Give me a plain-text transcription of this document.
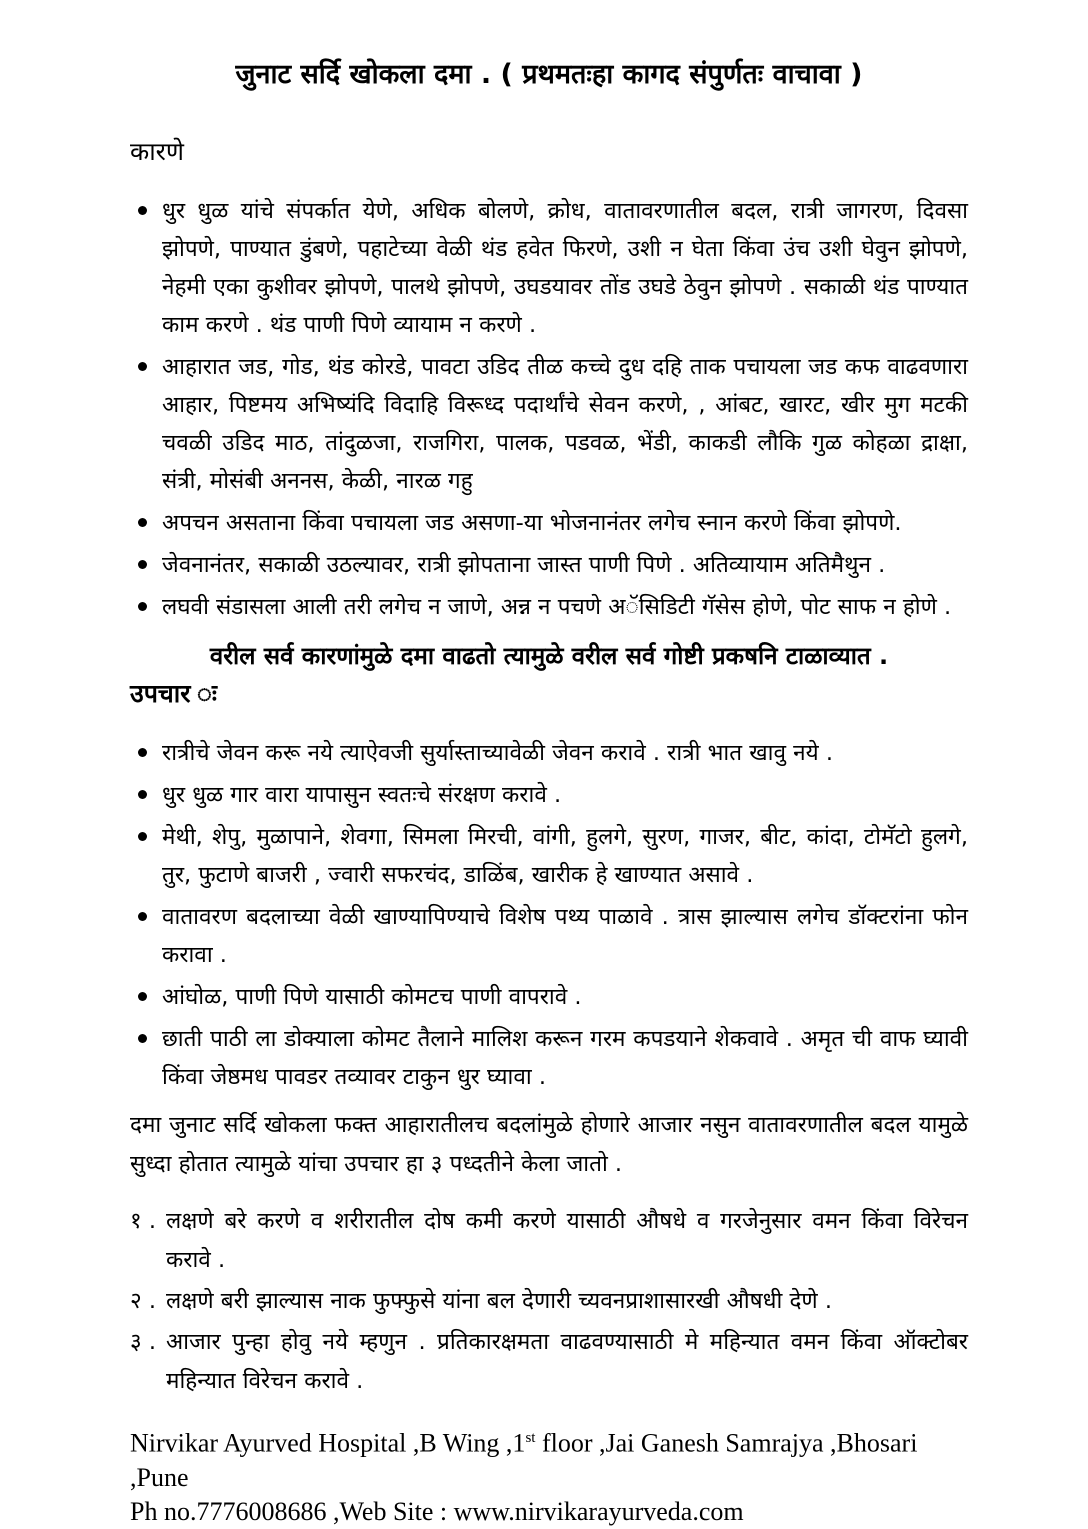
जुनाट सर्दि खोकला दमा . ( प्रथमतःहा कागद संपुर्णतः वाचावा )
कारणे
धुर धुळ यांचे संपर्कात येणे, अधिक बोलणे, क्रोध, वातावरणातील बदल, रात्री जागरण, दिवसा झोपणे, पाण्यात डुंबणे, पहाटेच्या वेळी थंड हवेत फिरणे, उशी न घेता किंवा उंच उशी घेवुन झोपणे, नेहमी एका कुशीवर झोपणे, पालथे झोपणे, उघडयावर तोंड उघडे ठेवुन झोपणे . सकाळी थंड पाण्यात काम करणे . थंड पाणी पिणे व्यायाम न करणे .
आहारात जड, गोड, थंड कोरडे, पावटा उडिद तीळ कच्चे दुध दहि ताक पचायला जड कफ वाढवणारा आहार, पिष्टमय अभिष्यंदि विदाहि विरूध्द पदार्थांचे सेवन करणे, , आंबट, खारट, खीर मुग मटकी चवळी उडिद माठ, तांदुळजा, राजगिरा, पालक, पडवळ, भेंडी, काकडी लौकि गुळ कोहळा द्राक्षा, संत्री, मोसंबी अननस, केळी, नारळ गहु
अपचन असताना किंवा पचायला जड असणा-या भोजनानंतर लगेच स्नान करणे किंवा झोपणे.
जेवनानंतर, सकाळी उठल्यावर, रात्री झोपताना जास्त पाणी पिणे . अतिव्यायाम अतिमैथुन .
लघवी संडासला आली तरी लगेच न जाणे, अन्न न पचणे अॅसिडिटी गॅसेस होणे, पोट साफ न होणे .
वरील सर्व कारणांमुळे दमा वाढतो त्यामुळे वरील सर्व गोष्टी प्रकषनि टाळाव्यात .
उपचार ः
रात्रीचे जेवन करू नये त्याऐवजी सुर्यास्ताच्यावेळी जेवन करावे . रात्री भात खावु नये .
धुर धुळ गार वारा यापासुन स्वतःचे संरक्षण करावे .
मेथी, शेपु, मुळापाने, शेवगा, सिमला मिरची, वांगी, हुलगे, सुरण, गाजर, बीट, कांदा, टोमॅटो हुलगे, तुर, फुटाणे बाजरी , ज्वारी सफरचंद, डाळिंब, खारीक हे खाण्यात असावे .
वातावरण बदलाच्या वेळी खाण्यापिण्याचे विशेष पथ्य पाळावे . त्रास झाल्यास लगेच डॉक्टरांना फोन करावा .
आंघोळ, पाणी पिणे यासाठी कोमटच पाणी वापरावे .
छाती पाठी ला डोक्याला कोमट तैलाने मालिश करून गरम कपडयाने शेकवावे . अमृत ची वाफ घ्यावी किंवा जेष्ठमध पावडर तव्यावर टाकुन धुर घ्यावा .
दमा जुनाट सर्दि खोकला फक्त आहारातीलच बदलांमुळे होणारे आजार नसुन वातावरणातील बदल यामुळे सुध्दा होतात त्यामुळे यांचा उपचार हा ३ पध्दतीने केला जातो .
१ . लक्षणे बरे करणे व शरीरातील दोष कमी करणे यासाठी औषधे व गरजेनुसार वमन किंवा विरेचन करावे .
२ . लक्षणे बरी झाल्यास नाक फुफ्फुसे यांना बल देणारी च्यवनप्राशासारखी औषधी देणे .
३ . आजार पुन्हा होवु नये म्हणुन . प्रतिकारक्षमता वाढवण्यासाठी मे महिन्यात वमन किंवा ऑक्टोबर महिन्यात विरेचन करावे .
Nirvikar Ayurved Hospital ,B Wing ,1st floor ,Jai Ganesh Samrajya ,Bhosari ,Pune
Ph no.7776008686 ,Web Site : www.nirvikarayurveda.com
